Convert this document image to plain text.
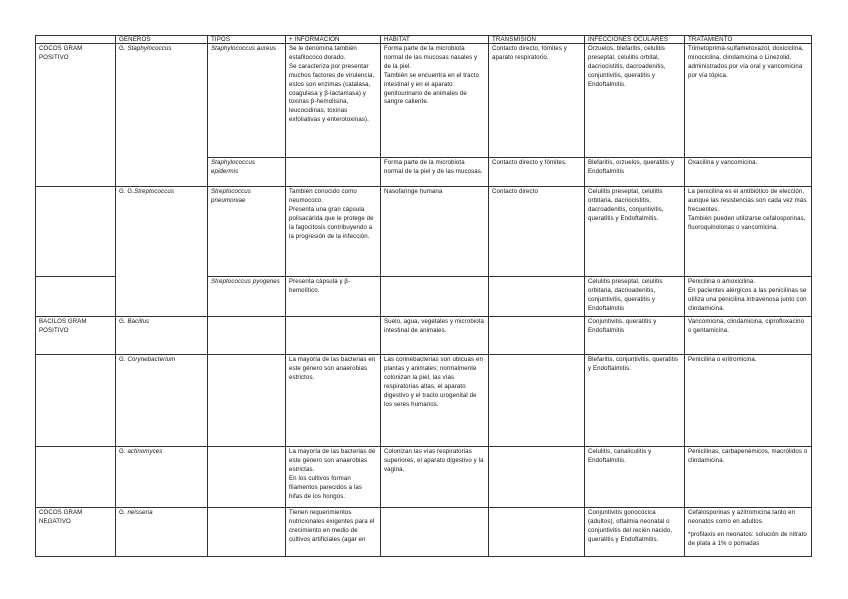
	GÉNEROS	TIPOS	+ INFORMACIÓN	HÁBITAT	TRANSMISIÓN	INFECCIONES OCULARES	TRATAMIENTO
COCOS GRAM POSITIVO	G. Staphylococcus	Staphylococcus aureus	Se le denomina también estafilococo dorado.
Se caracteriza por presentar muchos factores de virulencia, estos son enzimas (catalasa, coagulasa y β-lactamasa) y toxinas β-hemolisina, leucocidinas, toxinas exfoliativas y enterotoxinas).	Forma parte de la microbiota normal de las mucosas nasales y de la piel.
También se encuentra en el tracto intestinal y en el aparato genitourinario de animales de sangre caliente.	Contacto directo, fómites y aparato respiratorio.	Orzuelos, blefaritis, celulitis preseptal, celulitis orbital, dacriocistitis, dacroadenitis, conjuntivitis, queratitis y Endoftalmitis.	Trimetoprima-sulfametoxazol, doxiciclina, minociclina, clindamicina o Linezolid, administrados por vía oral y vancomicina por vía tópica.
		Staphylococcus epidermis		Forma parte de la microbiota normal de la piel y de las mucosas.	Contacto directo y fómites.	Blefaritis, orzuelos, queratitis y Endoftalmitis	Oxacilina y vancomicina.
	G. G.Streptococcus	Streptococcus pneumoniae	También conocido como neumococo.
Presenta una gran cápsula polisacárida que le protege de la fagocitosis contribuyendo a la progresión de la infección.	Nasofaringe humana	Contacto directo	Celulitis preseptal, celulitis orbitaria, dacriocistitis, dacroadenitis, conjuntivitis, queratitis y Endoftalmitis.	La penicilina es el antibiótico de elección, aunque las resistencias son cada vez más frecuentes.
También pueden utilizarse cefalosporinas, fluoroquinolonas o vancomicina.

		Streptococcus pyogenes	Presenta cápsula y β-hemolítico.			Celulitis preseptal, celulitis orbitaria, dacrioadenitis, conjuntivitis, queratitis y Endoftalmitis	Penicilina o amoxicilina.
En pacientes alérgicos a las penicilinas se utiliza una penicilina intravenosa junto con clindamicina.

BACILOS GRAM POSITIVO	G. Bacillus			Suelo, agua, vegetales y microbiota intestinal de animales.		Conjuntivitis, queratitis y Endoftalmitis	Vancomicina, clindamicina, ciprofloxacino o gentamicina.
	G. Corynebacterium		La mayoría de las bacterias en este género son anaerobias estrictos.	Las corinebacterias son ubicuas en plantas y animales; normalmente colonizan la piel, las vías respiratorias altas, el aparato digestivo y el tracto urogenital de los seres humanos.		Blefaritis, conjuntivitis, queratitis y Endoftalmitis.	Penicilina o eritromicina.
	G. actinomyces		La mayoría de las bacterias de este género son anaerobias estrictas.
En los cultivos forman filamentos parecidos a las hifas de los hongos.	Colonizan las vías respiratorias superiores, el aparato digestivo y la vagina.		Celulitis, canaliculitis y Endoftalmitis.	Penicilinas, carbapenémicos, macrólidos o clindamicina.
COCOS GRAM NEGATIVO	G. neisseria		Tienen requerimientos nutricionales exigentes para el crecimiento en medio de cultivos artificiales (agar en			Conjuntivitis gonocócica (adultos), oftalmia neonatal o conjuntivitis del recién nacido, queratitis y Endoftalmitis.	Cefalosporinas y azitromicina tanto en neonatos como en adultos.
*profilaxis en neonatos: solución de nitrato de plata a 1% o pomadas
